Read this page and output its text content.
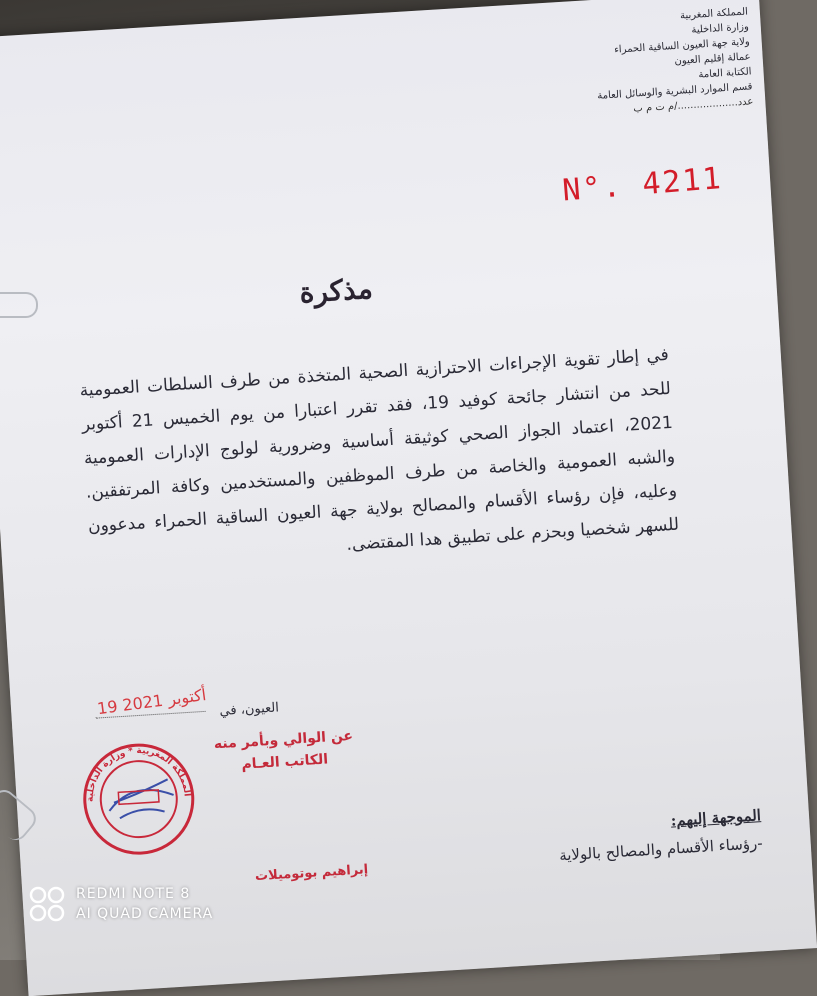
المملكة المغربية
وزارة الداخلية
ولاية جهة العيون الساقية الحمراء
عمالة إقليم العيون
الكتابة العامة
قسم الموارد البشرية والوسائل العامة
عدد.................../م ت م ب
N°. 4211
مذكرة
في إطار تقوية الإجراءات الاحترازية الصحية المتخذة من طرف السلطات العمومية للحد من انتشار جائحة كوفيد 19، فقد تقرر اعتبارا من يوم الخميس 21 أكتوبر 2021، اعتماد الجواز الصحي كوثيقة أساسية وضرورية لولوج الإدارات العمومية والشبه العمومية والخاصة من طرف الموظفين والمستخدمين وكافة المرتفقين. وعليه، فإن رؤساء الأقسام والمصالح بولاية جهة العيون الساقية الحمراء مدعوون للسهر شخصيا وبحزم على تطبيق هدا المقتضى.
19 أكتوبر 2021
العيون، في
عن الوالي وبأمر منه
الكاتب العـام
المملكة المغربية * وزارة الداخلية
إبراهيم بوتوميلات
الموجهة إليهم:
-رؤساء الأقسام والمصالح بالولاية
REDMI NOTE 8
AI QUAD CAMERA
